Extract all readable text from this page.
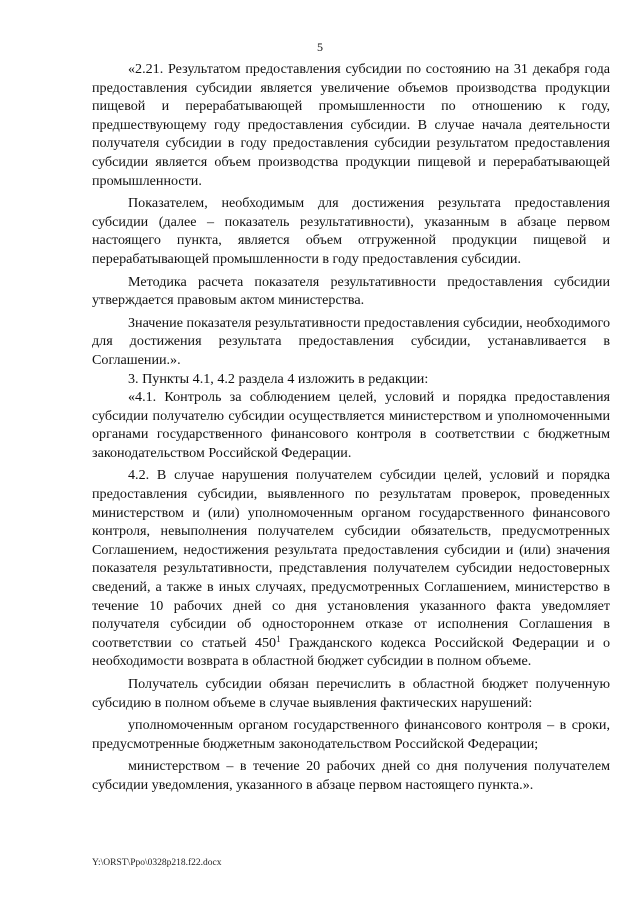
5

«2.21. Результатом предоставления субсидии по состоянию на 31 декабря года предоставления субсидии является увеличение объемов производства продукции пищевой и перерабатывающей промышленности по отношению к году, предшествующему году предоставления субсидии. В случае начала деятельности получателя субсидии в году предоставления субсидии результатом предоставления субсидии является объем производства продукции пищевой и перерабатывающей промышленности.

Показателем, необходимым для достижения результата предоставления субсидии (далее – показатель результативности), указанным в абзаце первом настоящего пункта, является объем отгруженной продукции пищевой и перерабатывающей промышленности в году предоставления субсидии.

Методика расчета показателя результативности предоставления субсидии утверждается правовым актом министерства.

Значение показателя результативности предоставления субсидии, необходимого для достижения результата предоставления субсидии, устанавливается в Соглашении.».

3. Пункты 4.1, 4.2 раздела 4 изложить в редакции:

«4.1. Контроль за соблюдением целей, условий и порядка предоставления субсидии получателю субсидии осуществляется министерством и уполномоченными органами государственного финансового контроля в соответствии с бюджетным законодательством Российской Федерации.

4.2. В случае нарушения получателем субсидии целей, условий и порядка предоставления субсидии, выявленного по результатам проверок, проведенных министерством и (или) уполномоченным органом государственного финансового контроля, невыполнения получателем субсидии обязательств, предусмотренных Соглашением, недостижения результата предоставления субсидии и (или) значения показателя результативности, представления получателем субсидии недостоверных сведений, а также в иных случаях, предусмотренных Соглашением, министерство в течение 10 рабочих дней со дня установления указанного факта уведомляет получателя субсидии об одностороннем отказе от исполнения Соглашения в соответствии со статьей $450^1$ Гражданского кодекса Российской Федерации и о необходимости возврата в областной бюджет субсидии в полном объеме.

Получатель субсидии обязан перечислить в областной бюджет полученную субсидию в полном объеме в случае выявления фактических нарушений:

уполномоченным органом государственного финансового контроля – в сроки, предусмотренные бюджетным законодательством Российской Федерации;

министерством – в течение 20 рабочих дней со дня получения получателем субсидии уведомления, указанного в абзаце первом настоящего пункта.».

Y:\ORST\Ppo\0328p218.f22.docx
